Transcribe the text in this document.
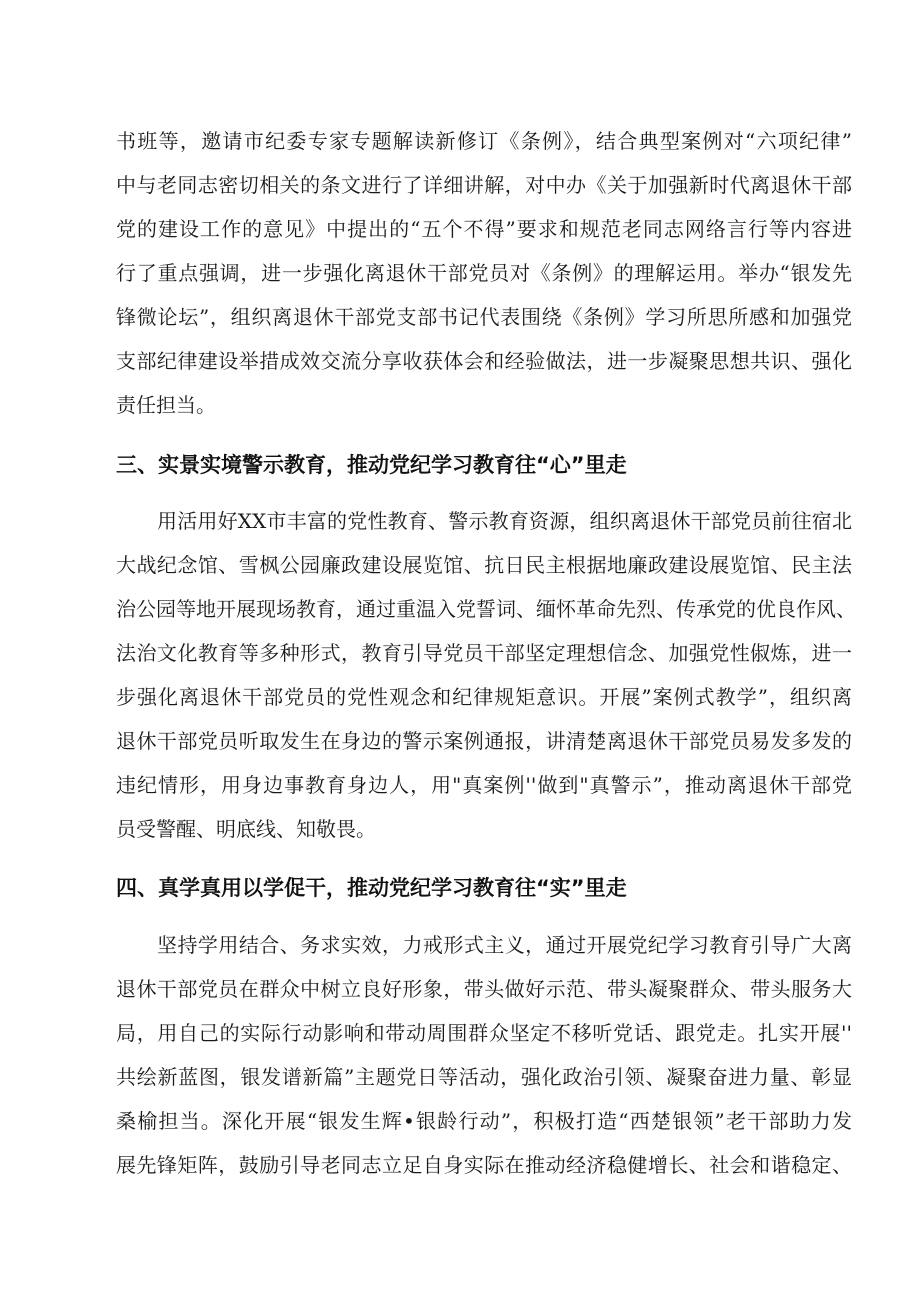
书班等，邀请市纪委专家专题解读新修订《条例》，结合典型案例对“六项纪律”
中与老同志密切相关的条文进行了详细讲解，对中办《关于加强新时代离退休干部
党的建设工作的意见》中提出的“五个不得”要求和规范老同志网络言行等内容进
行了重点强调，进一步强化离退休干部党员对《条例》的理解运用。举办“银发先
锋微论坛”，组织离退休干部党支部书记代表围绕《条例》学习所思所感和加强党
支部纪律建设举措成效交流分享收获体会和经验做法，进一步凝聚思想共识、强化
责任担当。
三、实景实境警示教育，推动党纪学习教育往“心”里走
用活用好XX市丰富的党性教育、警示教育资源，组织离退休干部党员前往宿北
大战纪念馆、雪枫公园廉政建设展览馆、抗日民主根据地廉政建设展览馆、民主法
治公园等地开展现场教育，通过重温入党誓词、缅怀革命先烈、传承党的优良作风、
法治文化教育等多种形式，教育引导党员干部坚定理想信念、加强党性俶炼，进一
步强化离退休干部党员的党性观念和纪律规矩意识。开展”案例式教学”，组织离
退休干部党员听取发生在身边的警示案例通报，讲清楚离退休干部党员易发多发的
违纪情形，用身边事教育身边人，用"真案例''做到"真警示”，推动离退休干部党
员受警醒、明底线、知敬畏。
四、真学真用以学促干，推动党纪学习教育往“实”里走
坚持学用结合、务求实效，力戒形式主义，通过开展党纪学习教育引导广大离
退休干部党员在群众中树立良好形象，带头做好示范、带头凝聚群众、带头服务大
局，用自己的实际行动影响和带动周围群众坚定不移听党话、跟党走。扎实开展''
共绘新蓝图，银发谱新篇”主题党日等活动，强化政治引领、凝聚奋进力量、彰显
桑榆担当。深化开展“银发生辉•银龄行动”，积极打造“西楚银领”老干部助力发
展先锋矩阵，鼓励引导老同志立足自身实际在推动经济稳健增长、社会和谐稳定、
